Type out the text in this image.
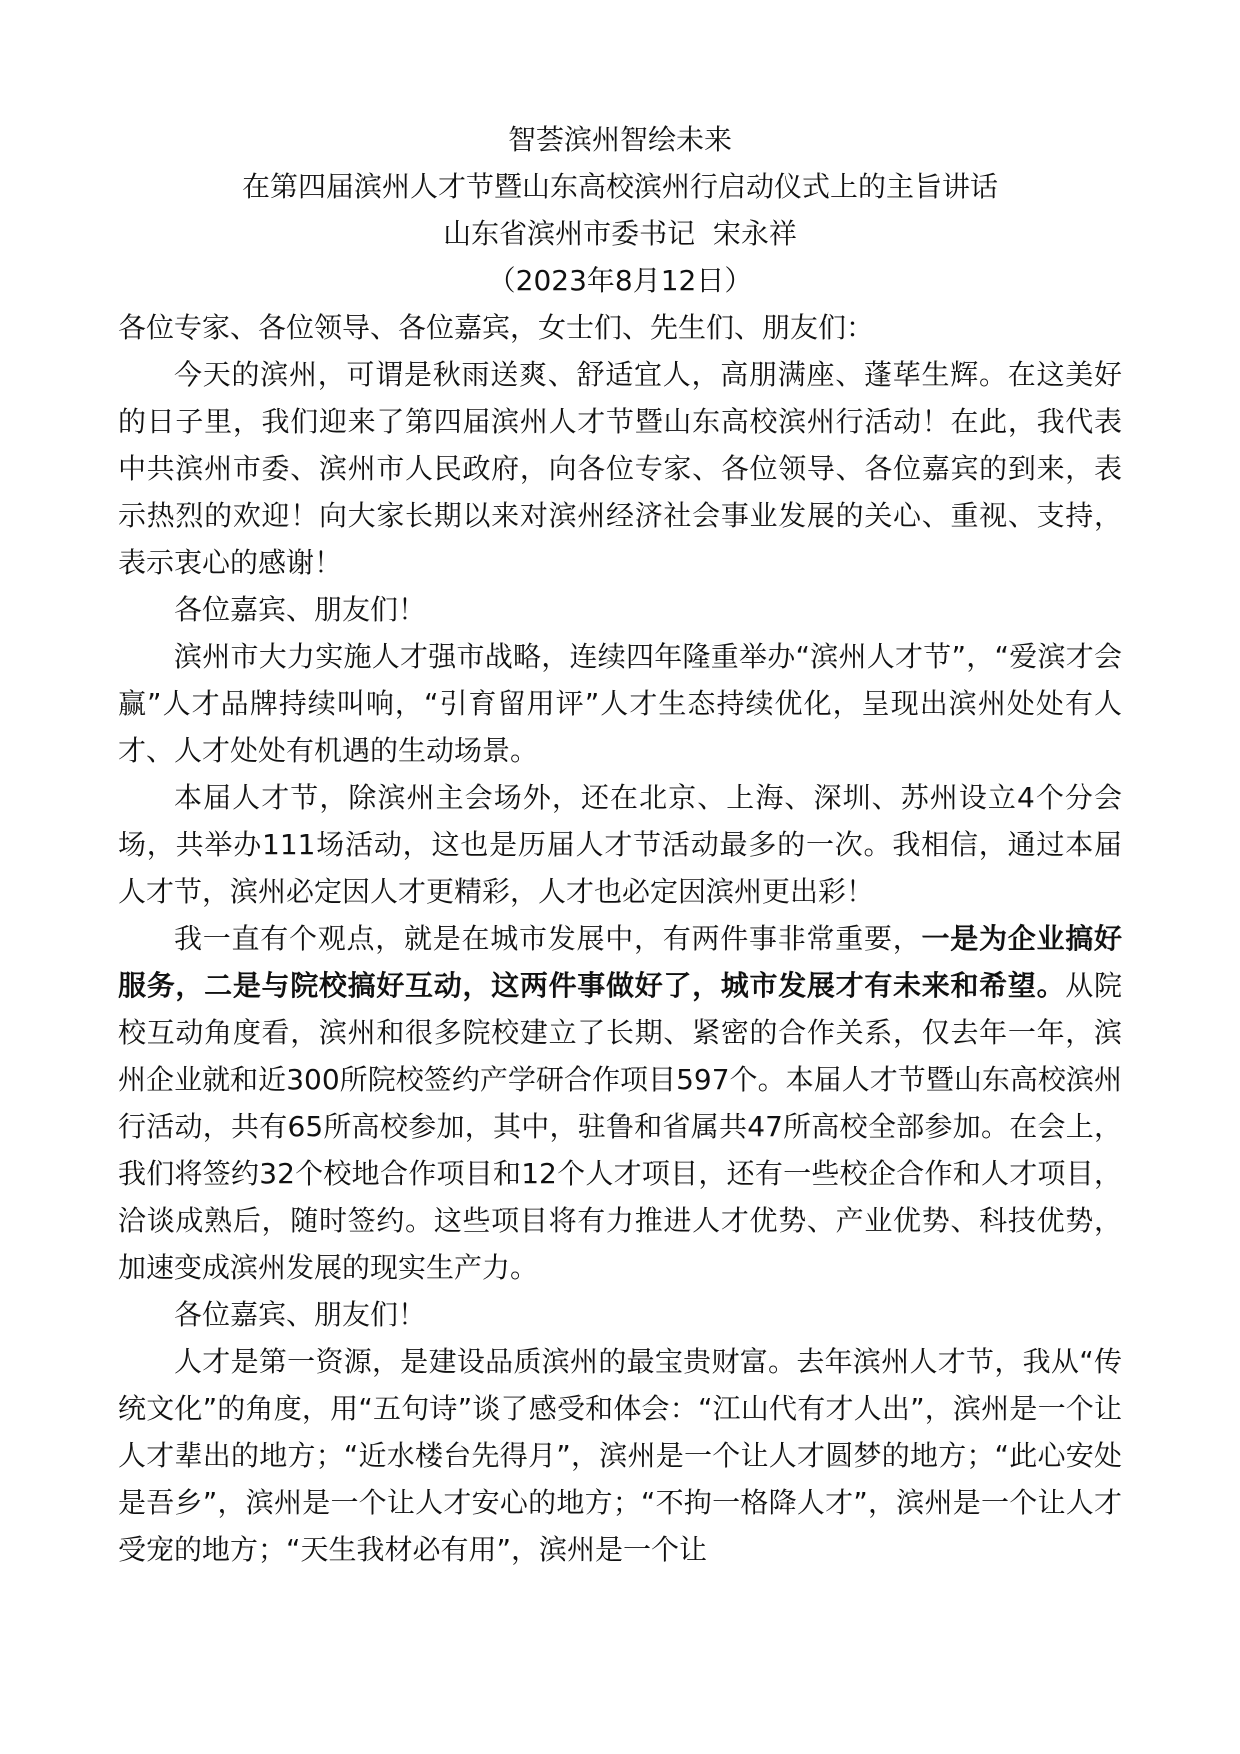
智荟滨州智绘未来

在第四届滨州人才节暨山东高校滨州行启动仪式上的主旨讲话

山东省滨州市委书记  宋永祥

（2023年8月12日）

各位专家、各位领导、各位嘉宾，女士们、先生们、朋友们：

今天的滨州，可谓是秋雨送爽、舒适宜人，高朋满座、蓬荜生辉。在这美好的日子里，我们迎来了第四届滨州人才节暨山东高校滨州行活动！在此，我代表中共滨州市委、滨州市人民政府，向各位专家、各位领导、各位嘉宾的到来，表示热烈的欢迎！向大家长期以来对滨州经济社会事业发展的关心、重视、支持，表示衷心的感谢！

各位嘉宾、朋友们！

滨州市大力实施人才强市战略，连续四年隆重举办“滨州人才节”，“爱滨才会赢”人才品牌持续叫响，“引育留用评”人才生态持续优化，呈现出滨州处处有人才、人才处处有机遇的生动场景。

本届人才节，除滨州主会场外，还在北京、上海、深圳、苏州设立4个分会场，共举办111场活动，这也是历届人才节活动最多的一次。我相信，通过本届人才节，滨州必定因人才更精彩，人才也必定因滨州更出彩！

我一直有个观点，就是在城市发展中，有两件事非常重要，一是为企业搞好服务，二是与院校搞好互动，这两件事做好了，城市发展才有未来和希望。从院校互动角度看，滨州和很多院校建立了长期、紧密的合作关系，仅去年一年，滨州企业就和近300所院校签约产学研合作项目597个。本届人才节暨山东高校滨州行活动，共有65所高校参加，其中，驻鲁和省属共47所高校全部参加。在会上，我们将签约32个校地合作项目和12个人才项目，还有一些校企合作和人才项目，洽谈成熟后，随时签约。这些项目将有力推进人才优势、产业优势、科技优势，加速变成滨州发展的现实生产力。

各位嘉宾、朋友们！

人才是第一资源，是建设品质滨州的最宝贵财富。去年滨州人才节，我从“传统文化”的角度，用“五句诗”谈了感受和体会：“江山代有才人出”，滨州是一个让人才辈出的地方；“近水楼台先得月”，滨州是一个让人才圆梦的地方；“此心安处是吾乡”，滨州是一个让人才安心的地方；“不拘一格降人才”，滨州是一个让人才受宠的地方；“天生我材必有用”，滨州是一个让
